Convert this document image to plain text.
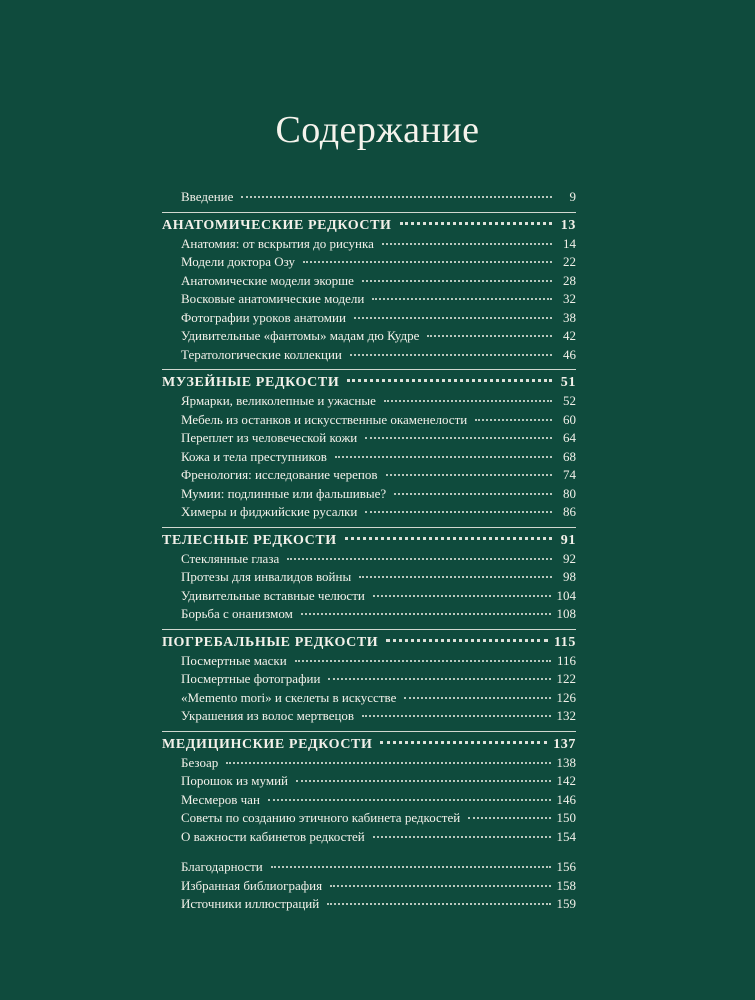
Содержание
Введение	9
АНАТОМИЧЕСКИЕ РЕДКОСТИ	13
Анатомия: от вскрытия до рисунка	14
Модели доктора Озу	22
Анатомические модели экорше	28
Восковые анатомические модели	32
Фотографии уроков анатомии	38
Удивительные «фантомы» мадам дю Кудре	42
Тератологические коллекции	46
МУЗЕЙНЫЕ РЕДКОСТИ	51
Ярмарки, великолепные и ужасные	52
Мебель из останков и искусственные окаменелости	60
Переплет из человеческой кожи	64
Кожа и тела преступников	68
Френология: исследование черепов	74
Мумии: подлинные или фальшивые?	80
Химеры и фиджийские русалки	86
ТЕЛЕСНЫЕ РЕДКОСТИ	91
Стеклянные глаза	92
Протезы для инвалидов войны	98
Удивительные вставные челюсти	104
Борьба с онанизмом	108
ПОГРЕБАЛЬНЫЕ РЕДКОСТИ	115
Посмертные маски	116
Посмертные фотографии	122
«Memento mori» и скелеты в искусстве	126
Украшения из волос мертвецов	132
МЕДИЦИНСКИЕ РЕДКОСТИ	137
Безоар	138
Порошок из мумий	142
Месмеров чан	146
Советы по созданию этичного кабинета редкостей	150
О важности кабинетов редкостей	154
Благодарности	156
Избранная библиография	158
Источники иллюстраций	159
